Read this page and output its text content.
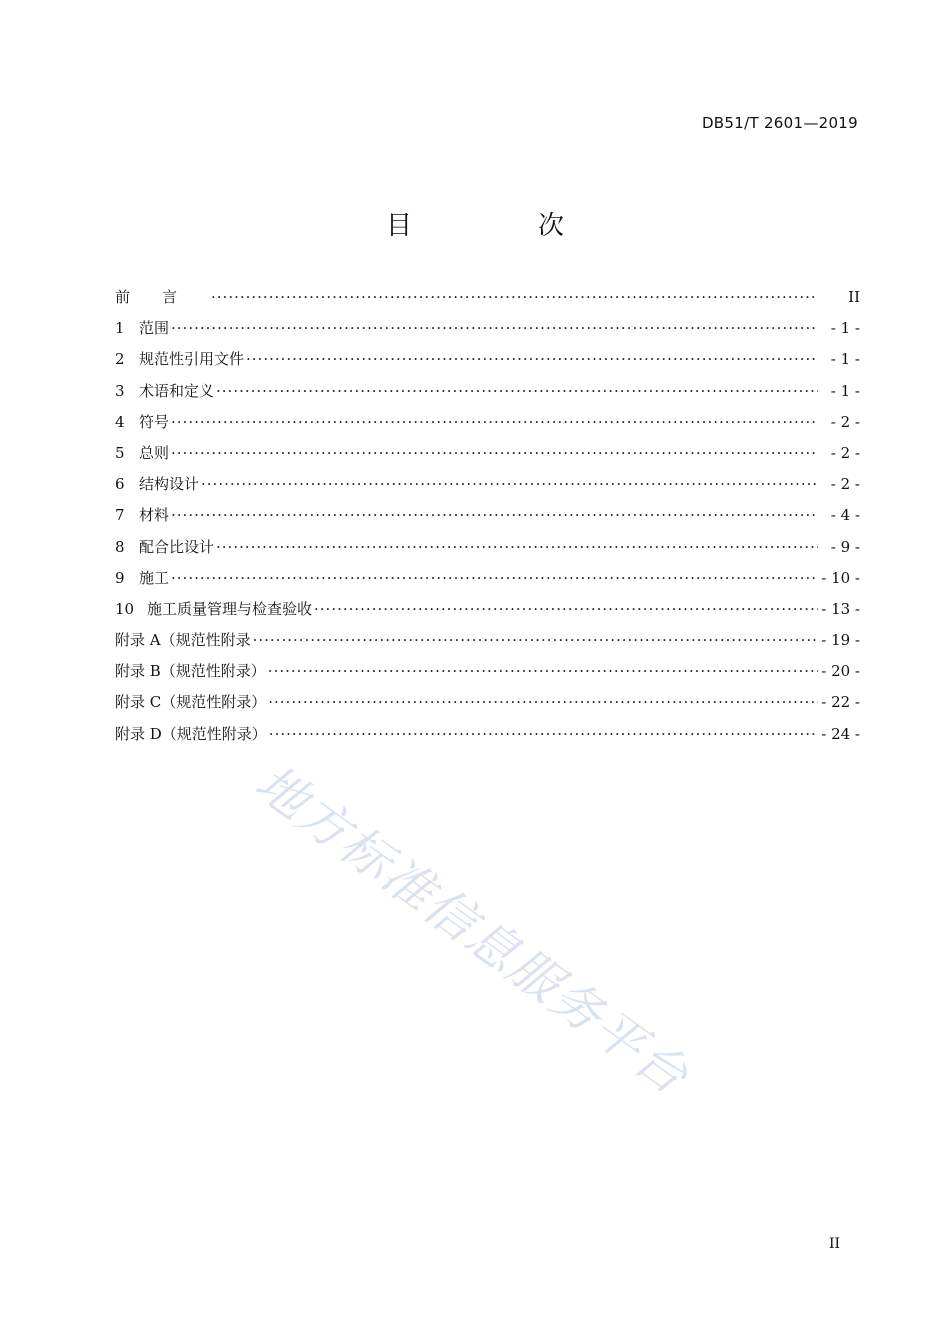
DB51/T 2601—2019
目　次
前言 ·····	II
1 范围 ·····	- 1 -
2 规范性引用文件 ·····	- 1 -
3 术语和定义 ·····	- 1 -
4 符号 ·····	- 2 -
5 总则 ·····	- 2 -
6 结构设计 ·····	- 2 -
7 材料 ·····	- 4 -
8 配合比设计 ·····	- 9 -
9 施工 ·····	- 10 -
10 施工质量管理与检查验收 ·····	- 13 -
附录 A（规范性附录 ·····	- 19 -
附录 B（规范性附录） ·····	- 20 -
附录 C（规范性附录） ·····	- 22 -
附录 D（规范性附录） ·····	- 24 -
II
地方标准信息服务平台
